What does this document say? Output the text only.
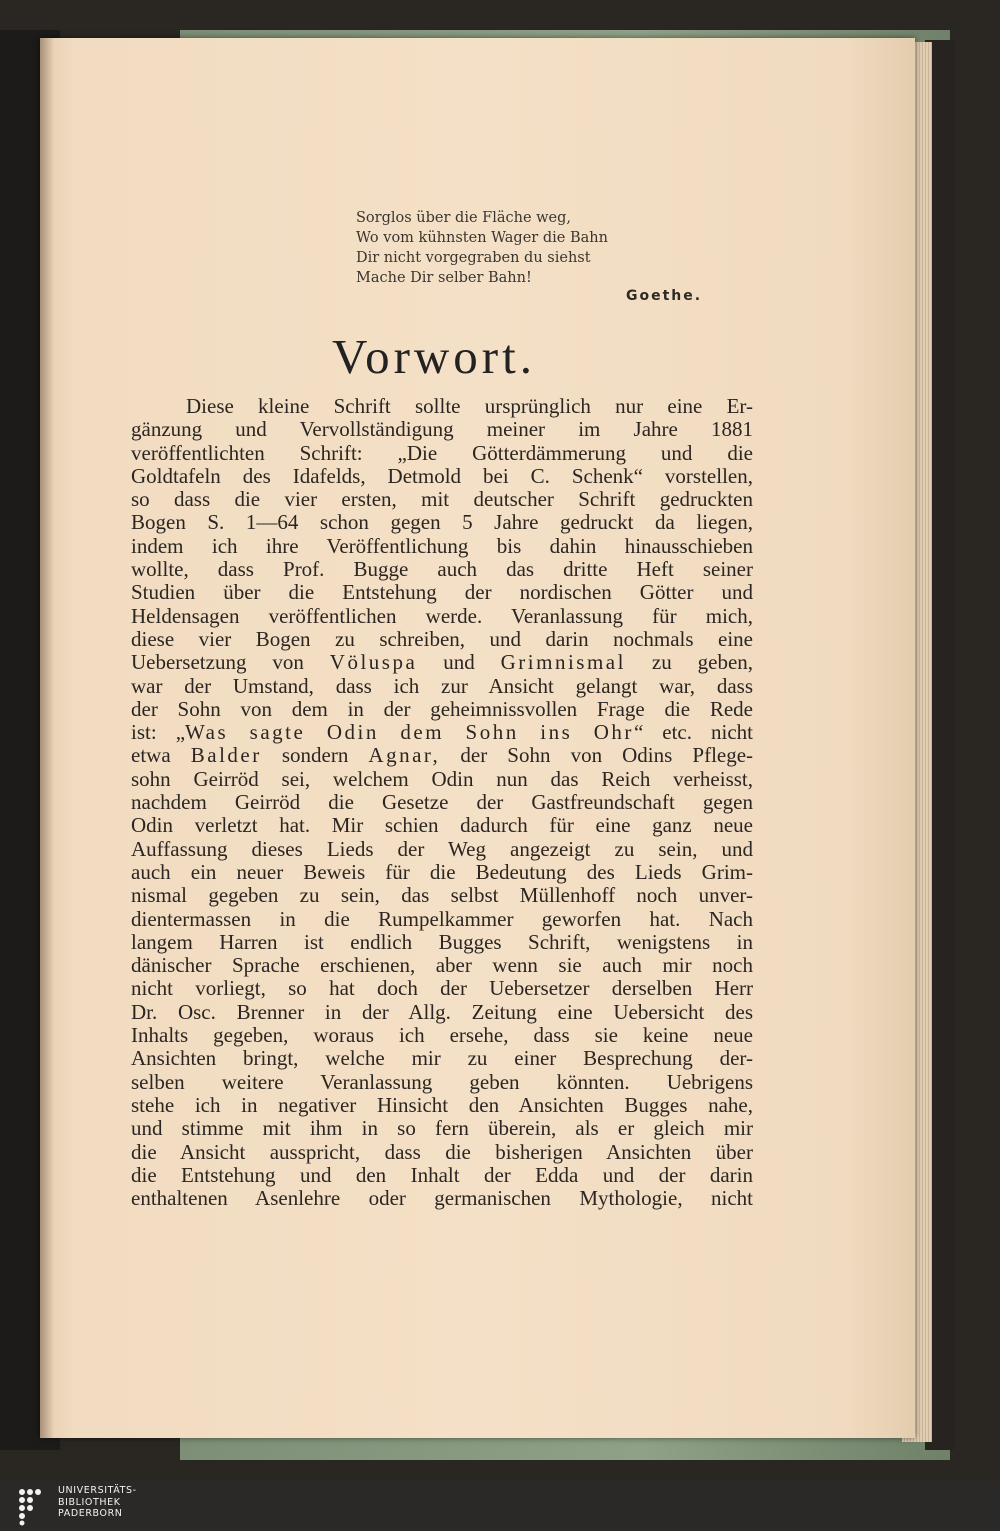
Sorglos über die Fläche weg,
Wo vom kühnsten Wager die Bahn
Dir nicht vorgegraben du siehst
Mache Dir selber Bahn!
Goethe.
Vorwort.
Diese kleine Schrift sollte ursprünglich nur eine Er-
gänzung und Vervollständigung meiner im Jahre 1881
veröffentlichten Schrift: „Die Götterdämmerung und die
Goldtafeln des Idafelds, Detmold bei C. Schenk“ vorstellen,
so dass die vier ersten, mit deutscher Schrift gedruckten
Bogen S. 1—64 schon gegen 5 Jahre gedruckt da liegen,
indem ich ihre Veröffentlichung bis dahin hinausschieben
wollte, dass Prof. Bugge auch das dritte Heft seiner
Studien über die Entstehung der nordischen Götter und
Heldensagen veröffentlichen werde. Veranlassung für mich,
diese vier Bogen zu schreiben, und darin nochmals eine
Uebersetzung von Völuspa und Grimnismal zu geben,
war der Umstand, dass ich zur Ansicht gelangt war, dass
der Sohn von dem in der geheimnissvollen Frage die Rede
ist: „Was sagte Odin dem Sohn ins Ohr“ etc. nicht
etwa Balder sondern Agnar, der Sohn von Odins Pflege-
sohn Geirröd sei, welchem Odin nun das Reich verheisst,
nachdem Geirröd die Gesetze der Gastfreundschaft gegen
Odin verletzt hat. Mir schien dadurch für eine ganz neue
Auffassung dieses Lieds der Weg angezeigt zu sein, und
auch ein neuer Beweis für die Bedeutung des Lieds Grim-
nismal gegeben zu sein, das selbst Müllenhoff noch unver-
dientermassen in die Rumpelkammer geworfen hat. Nach
langem Harren ist endlich Bugges Schrift, wenigstens in
dänischer Sprache erschienen, aber wenn sie auch mir noch
nicht vorliegt, so hat doch der Uebersetzer derselben Herr
Dr. Osc. Brenner in der Allg. Zeitung eine Uebersicht des
Inhalts gegeben, woraus ich ersehe, dass sie keine neue
Ansichten bringt, welche mir zu einer Besprechung der-
selben weitere Veranlassung geben könnten. Uebrigens
stehe ich in negativer Hinsicht den Ansichten Bugges nahe,
und stimme mit ihm in so fern überein, als er gleich mir
die Ansicht ausspricht, dass die bisherigen Ansichten über
die Entstehung und den Inhalt der Edda und der darin
enthaltenen Asenlehre oder germanischen Mythologie, nicht
UNIVERSITÄTS-
BIBLIOTHEK
PADERBORN
